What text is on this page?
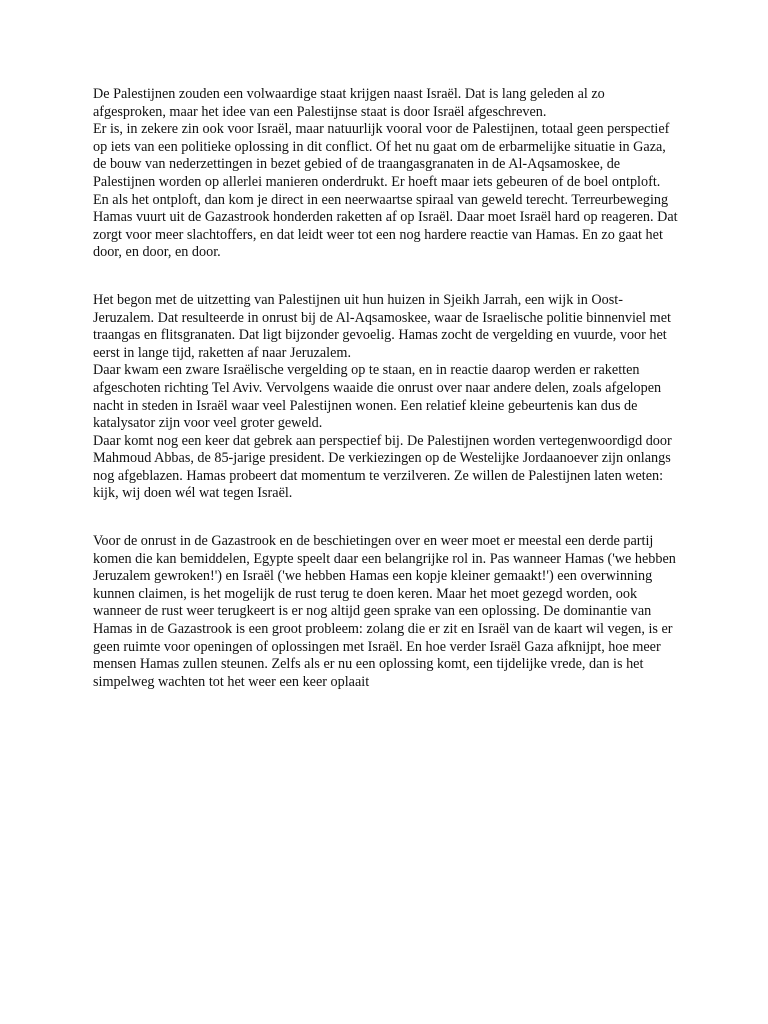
De Palestijnen zouden een volwaardige staat krijgen naast Israël. Dat is lang geleden al zo afgesproken, maar het idee van een Palestijnse staat is door Israël afgeschreven.

Er is, in zekere zin ook voor Israël, maar natuurlijk vooral voor de Palestijnen, totaal geen perspectief op iets van een politieke oplossing in dit conflict. Of het nu gaat om de erbarmelijke situatie in Gaza, de bouw van nederzettingen in bezet gebied of de traangasgranaten in de Al-Aqsamoskee, de Palestijnen worden op allerlei manieren onderdrukt. Er hoeft maar iets gebeuren of de boel ontploft. En als het ontploft, dan kom je direct in een neerwaartse spiraal van geweld terecht. Terreurbeweging Hamas vuurt uit de Gazastrook honderden raketten af op Israël. Daar moet Israël hard op reageren. Dat zorgt voor meer slachtoffers, en dat leidt weer tot een nog hardere reactie van Hamas. En zo gaat het door, en door, en door.

Het begon met de uitzetting van Palestijnen uit hun huizen in Sjeikh Jarrah, een wijk in Oost-Jeruzalem. Dat resulteerde in onrust bij de Al-Aqsamoskee, waar de Israelische politie binnenviel met traangas en flitsgranaten. Dat ligt bijzonder gevoelig. Hamas zocht de vergelding en vuurde, voor het eerst in lange tijd, raketten af naar Jeruzalem.

Daar kwam een zware Israëlische vergelding op te staan, en in reactie daarop werden er raketten afgeschoten richting Tel Aviv. Vervolgens waaide die onrust over naar andere delen, zoals afgelopen nacht in steden in Israël waar veel Palestijnen wonen. Een relatief kleine gebeurtenis kan dus de katalysator zijn voor veel groter geweld.

Daar komt nog een keer dat gebrek aan perspectief bij. De Palestijnen worden vertegenwoordigd door Mahmoud Abbas, de 85-jarige president. De verkiezingen op de Westelijke Jordaanoever zijn onlangs nog afgeblazen. Hamas probeert dat momentum te verzilveren. Ze willen de Palestijnen laten weten: kijk, wij doen wél wat tegen Israël.

Voor de onrust in de Gazastrook en de beschietingen over en weer moet er meestal een derde partij komen die kan bemiddelen, Egypte speelt daar een belangrijke rol in. Pas wanneer Hamas ('we hebben Jeruzalem gewroken!') en Israël ('we hebben Hamas een kopje kleiner gemaakt!') een overwinning kunnen claimen, is het mogelijk de rust terug te doen keren. Maar het moet gezegd worden, ook wanneer de rust weer terugkeert is er nog altijd geen sprake van een oplossing. De dominantie van Hamas in de Gazastrook is een groot probleem: zolang die er zit en Israël van de kaart wil vegen, is er geen ruimte voor openingen of oplossingen met Israël. En hoe verder Israël Gaza afknijpt, hoe meer mensen Hamas zullen steunen. Zelfs als er nu een oplossing komt, een tijdelijke vrede, dan is het simpelweg wachten tot het weer een keer oplaait
